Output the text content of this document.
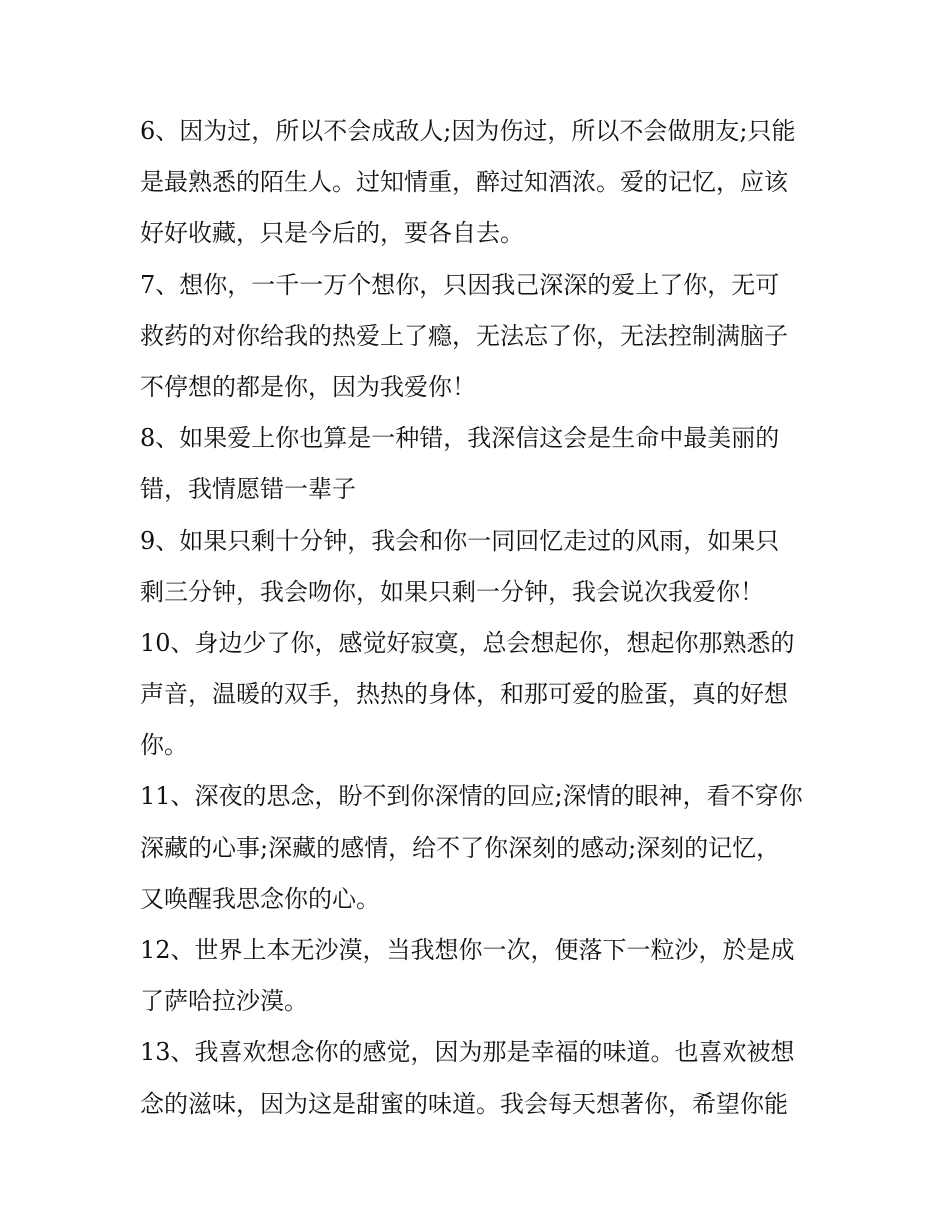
6、因为过，所以不会成敌人;因为伤过，所以不会做朋友;只能
是最熟悉的陌生人。过知情重，醉过知酒浓。爱的记忆，应该
好好收藏，只是今后的，要各自去。
7、想你，一千一万个想你，只因我己深深的爱上了你，无可
救药的对你给我的热爱上了瘾，无法忘了你，无法控制满脑子
不停想的都是你，因为我爱你！
8、如果爱上你也算是一种错，我深信这会是生命中最美丽的
错，我情愿错一辈子
9、如果只剩十分钟，我会和你一同回忆走过的风雨，如果只
剩三分钟，我会吻你，如果只剩一分钟，我会说次我爱你！
10、身边少了你，感觉好寂寞，总会想起你，想起你那熟悉的
声音，温暖的双手，热热的身体，和那可爱的脸蛋，真的好想
你。
11、深夜的思念，盼不到你深情的回应;深情的眼神，看不穿你
深藏的心事;深藏的感情，给不了你深刻的感动;深刻的记忆，
又唤醒我思念你的心。
12、世界上本无沙漠，当我想你一次，便落下一粒沙，於是成
了萨哈拉沙漠。
13、我喜欢想念你的感觉，因为那是幸福的味道。也喜欢被想
念的滋味，因为这是甜蜜的味道。我会每天想著你，希望你能
